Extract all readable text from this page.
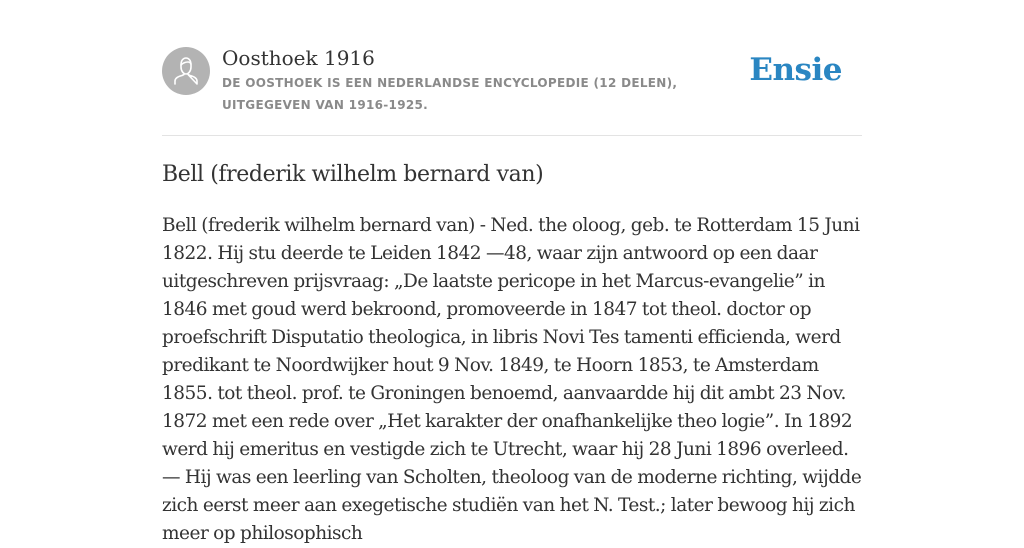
Oosthoek 1916
DE OOSTHOEK IS EEN NEDERLANDSE ENCYCLOPEDIE (12 DELEN), UITGEGEVEN VAN 1916-1925.
Ensie
Bell (frederik wilhelm bernard van)

Bell (frederik wilhelm bernard van) - Ned. the oloog, geb. te Rotterdam 15 Juni 1822. Hij stu deerde te Leiden 1842 —48, waar zijn antwoord op een daar uitgeschreven prijsvraag: „De laatste pericope in het Marcus-evangelie” in 1846 met goud werd bekroond, promoveerde in 1847 tot theol. doctor op proefschrift Disputatio theologica, in libris Novi Tes tamenti efficienda, werd predikant te Noordwijker hout 9 Nov. 1849, te Hoorn 1853, te Amsterdam 1855. tot theol. prof. te Groningen benoemd, aanvaardde hij dit ambt 23 Nov. 1872 met een rede over „Het karakter der onafhankelijke theo logie”. In 1892 werd hij emeritus en vestigde zich te Utrecht, waar hij 28 Juni 1896 overleed. — Hij was een leerling van Scholten, theoloog van de moderne richting, wijdde zich eerst meer aan exegetische studiën van het N. Test.; later bewoog hij zich meer op philosophisch
